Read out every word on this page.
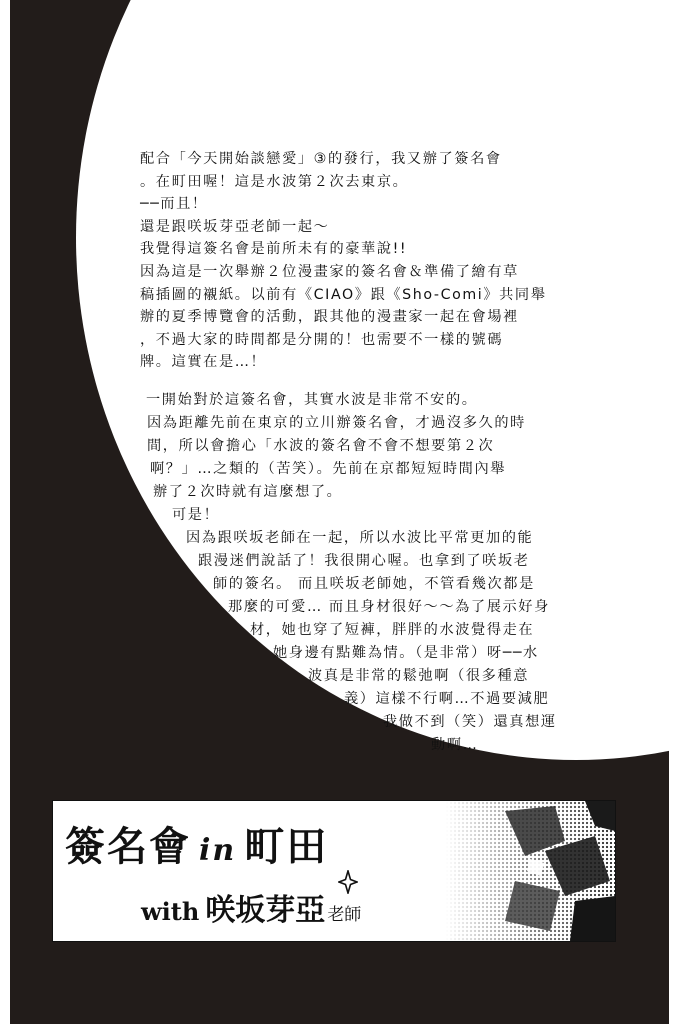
配合「今天開始談戀愛」③的發行，我又辦了簽名會
。在町田喔！這是水波第２次去東京。
──而且！
還是跟咲坂芽亞老師一起～
我覺得這簽名會是前所未有的豪華說!!
因為這是一次舉辦２位漫畫家的簽名會＆準備了繪有草
稿插圖的襯紙。以前有《CIAO》跟《Sho-Comi》共同舉
辦的夏季博覽會的活動，跟其他的漫畫家一起在會場裡
，不過大家的時間都是分開的！也需要不一樣的號碼
牌。這實在是…！
一開始對於這簽名會，其實水波是非常不安的。
因為距離先前在東京的立川辦簽名會，才過沒多久的時
間，所以會擔心「水波的簽名會不會不想要第２次
啊？」…之類的（苦笑）。先前在京都短短時間內舉
辦了２次時就有這麼想了。
可是！
因為跟咲坂老師在一起，所以水波比平常更加的能
跟漫迷們說話了！我很開心喔。也拿到了咲坂老
師的簽名。 而且咲坂老師她，不管看幾次都是
那麼的可愛… 而且身材很好〜〜為了展示好身
材，她也穿了短褲，胖胖的水波覺得走在
她身邊有點難為情。（是非常）呀──水
波真是非常的鬆弛啊（很多種意
義）這樣不行啊…不過要減肥
我做不到（笑）還真想運
動啊…
簽名會 in 町田
with 咲坂芽亞 老師
